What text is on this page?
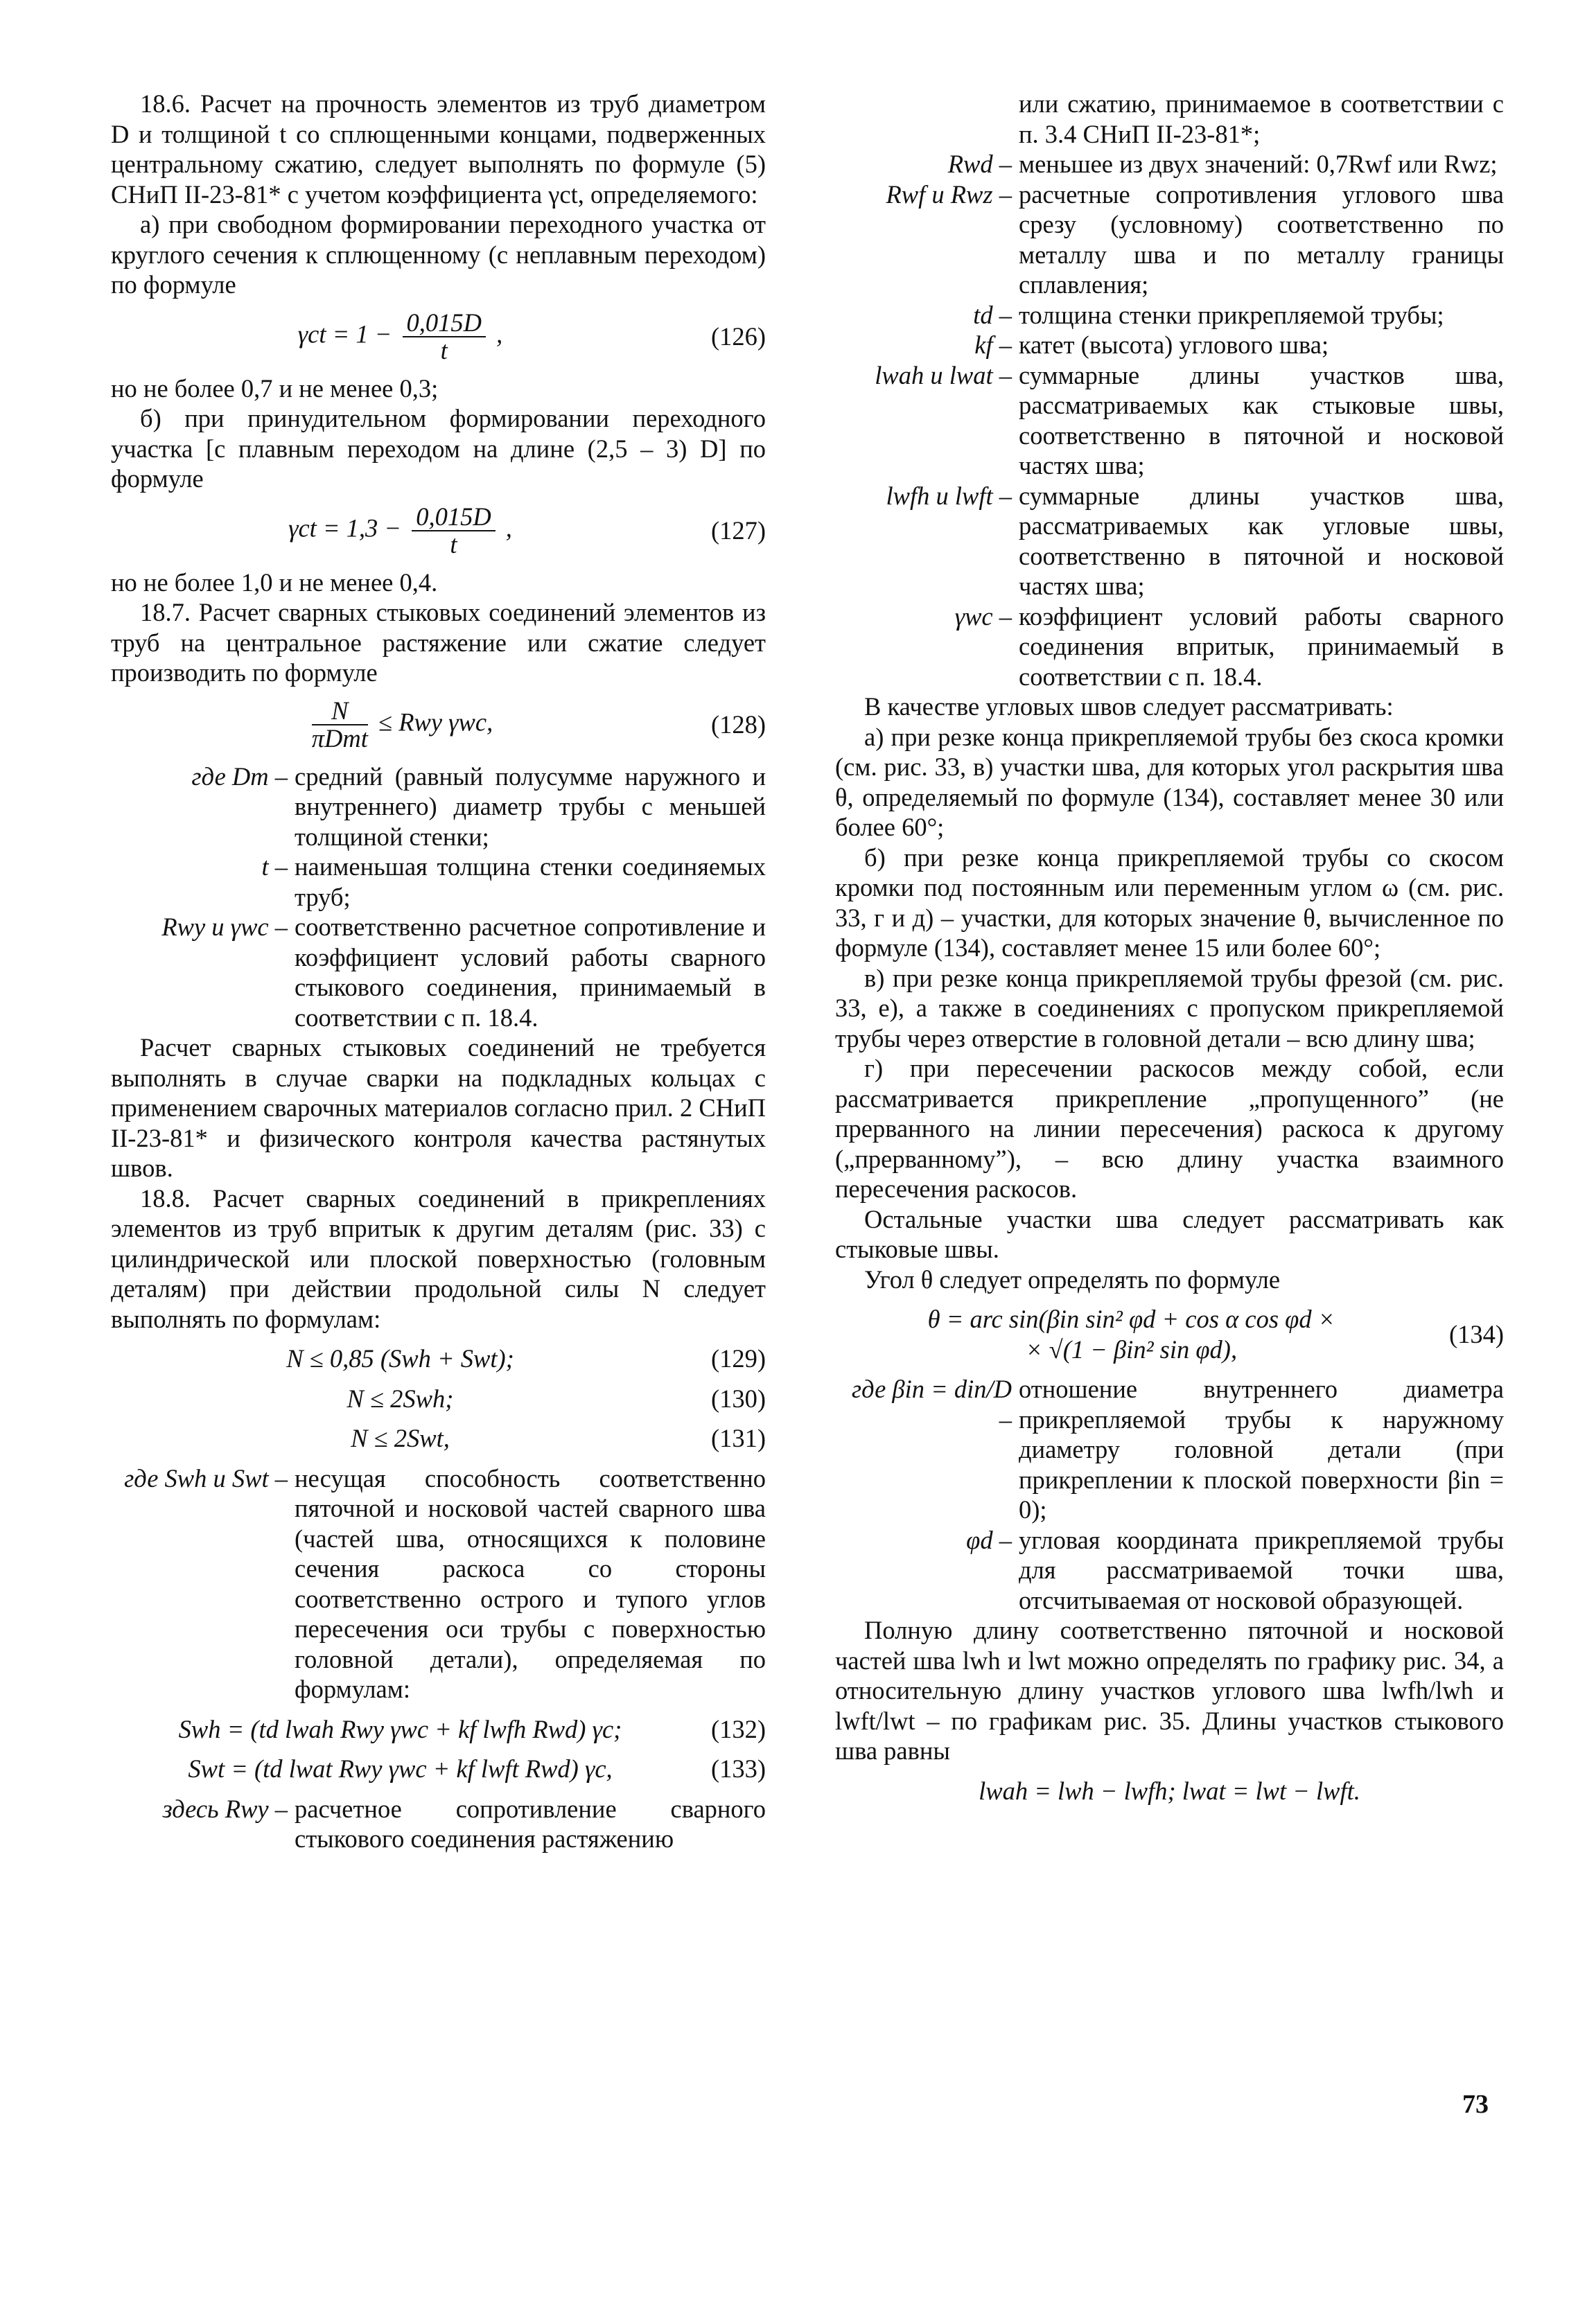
18.6. Расчет на прочность элементов из труб диаметром D и толщиной t со сплющенными концами, подверженных центральному сжатию, следует выполнять по формуле (5) СНиП II-23-81* с учетом коэффициента γct, определяемого:

а) при свободном формировании переходного участка от круглого сечения к сплющенному (с неплавным переходом) по формуле

$\gamma ct = 1 - \frac{0,015D}{t}$ ,	(126)

но не более 0,7 и не менее 0,3;

б) при принудительном формировании переходного участка [с плавным переходом на длине (2,5 – 3) D] по формуле

$\gamma ct = 1,3 - \frac{0,015D}{t}$ ,	(127)

но не более 1,0 и не менее 0,4.

18.7. Расчет сварных стыковых соединений элементов из труб на центральное растяжение или сжатие следует производить по формуле

$\frac{N}{\text{πDmt}}$ ≤ Rwy γwc,	(128)
где Dm – средний (равный полусумме наружного и внутреннего) диаметр трубы с меньшей толщиной стенки;
t – наименьшая толщина стенки соединяемых труб;
Rwy и γwc – соответственно расчетное сопротивление и коэффициент условий работы сварного стыкового соединения, принимаемый в соответствии с п. 18.4.

Расчет сварных стыковых соединений не требуется выполнять в случае сварки на подкладных кольцах с применением сварочных материалов согласно прил. 2 СНиП II-23-81* и физического контроля качества растянутых швов.

18.8. Расчет сварных соединений в прикреплениях элементов из труб впритык к другим деталям (рис. 33) с цилиндрической или плоской поверхностью (головным деталям) при действии продольной силы N следует выполнять по формулам:

N ≤ 0,85 (Swh + Swt);	(129)
N ≤ 2Swh;	(130)
N ≤ 2Swt,	(131)
где Swh и Swt – несущая способность соответственно пяточной и носковой частей сварного шва (частей шва, относящихся к половине сечения раскоса со стороны соответственно острого и тупого углов пересечения оси трубы с поверхностью головной детали), определяемая по формулам:
Swh = (td lwah Rwy γwc + kf lwfh Rwd) γc;	(132)
Swt = (td lwat Rwy γwc + kf lwft Rwd) γc,	(133)
здесь Rwy – расчетное сопротивление сварного стыкового соединения растяжению
или сжатию, принимаемое в соответствии с п. 3.4 СНиП II-23-81*;
Rwd – меньшее из двух значений: 0,7Rwf или Rwz;
Rwf и Rwz – расчетные сопротивления углового шва срезу (условному) соответственно по металлу шва и по металлу границы сплавления;
td – толщина стенки прикрепляемой трубы;
kf – катет (высота) углового шва;
lwah и lwat – суммарные длины участков шва, рассматриваемых как стыковые швы, соответственно в пяточной и носковой частях шва;
lwfh и lwft – суммарные длины участков шва, рассматриваемых как угловые швы, соответственно в пяточной и носковой частях шва;
γwc – коэффициент условий работы сварного соединения впритык, принимаемый в соответствии с п. 18.4.

В качестве угловых швов следует рассматривать:

а) при резке конца прикрепляемой трубы без скоса кромки (см. рис. 33, в) участки шва, для которых угол раскрытия шва θ, определяемый по формуле (134), составляет менее 30 или более 60°;

б) при резке конца прикрепляемой трубы со скосом кромки под постоянным или переменным углом ω (см. рис. 33, г и д) – участки, для которых значение θ, вычисленное по формуле (134), составляет менее 15 или более 60°;

в) при резке конца прикрепляемой трубы фрезой (см. рис. 33, е), а также в соединениях с пропуском прикрепляемой трубы через отверстие в головной детали – всю длину шва;

г) при пересечении раскосов между собой, если рассматривается прикрепление „пропущенного” (не прерванного на линии пересечения) раскоса к другому („прерванному”), – всю длину участка взаимного пересечения раскосов.

Остальные участки шва следует рассматривать как стыковые швы.

Угол θ следует определять по формуле

θ = arc sin(βin sin² φd + cos α cos φd ×
× √(1 − βin² sin φd),
(134)
где βin = din/D –
отношение внутреннего диаметра прикрепляемой трубы к наружному диаметру головной детали (при прикреплении к плоской поверхности βin = 0);
φd – угловая координата прикрепляемой трубы для рассматриваемой точки шва, отсчитываемая от носковой образующей.

Полную длину соответственно пяточной и носковой частей шва lwh и lwt можно определять по графику рис. 34, а относительную длину участков углового шва lwfh/lwh и lwft/lwt – по графикам рис. 35. Длины участков стыкового шва равны

lwah = lwh − lwfh; lwat = lwt − lwft.
73
